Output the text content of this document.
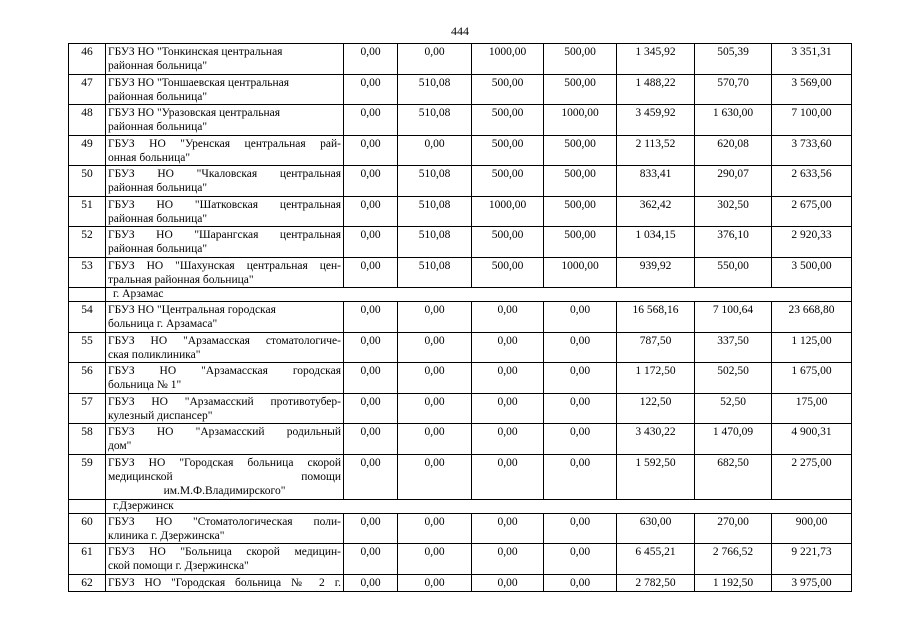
444
46	ГБУЗ НО "Тонкинская центральная
районная больница"	0,00	0,00	1000,00	500,00	1 345,92	505,39	3 351,31
47	ГБУЗ НО "Тоншаевская центральная
районная больница"	0,00	510,08	500,00	500,00	1 488,22	570,70	3 569,00
48	ГБУЗ НО "Уразовская центральная
районная больница"	0,00	510,08	500,00	1000,00	3 459,92	1 630,00	7 100,00
49	ГБУЗ НО "Уренская центральная рай-
онная больница"	0,00	0,00	500,00	500,00	2 113,52	620,08	3 733,60
50	ГБУЗ НО "Чкаловская центральная
районная больница"	0,00	510,08	500,00	500,00	833,41	290,07	2 633,56
51	ГБУЗ НО "Шатковская центральная
районная больница"	0,00	510,08	1000,00	500,00	362,42	302,50	2 675,00
52	ГБУЗ НО "Шарангская центральная
районная больница"	0,00	510,08	500,00	500,00	1 034,15	376,10	2 920,33
53	ГБУЗ НО "Шахунская центральная цен-
тральная районная больница"	0,00	510,08	500,00	1000,00	939,92	550,00	3 500,00
	г. Арзамас							
54	ГБУЗ НО "Центральная городская
больница г. Арзамаса"	0,00	0,00	0,00	0,00	16 568,16	7 100,64	23 668,80
55	ГБУЗ НО "Арзамасская стоматологиче-
ская поликлиника"	0,00	0,00	0,00	0,00	787,50	337,50	1 125,00
56	ГБУЗ НО "Арзамасская городская
больница № 1"	0,00	0,00	0,00	0,00	1 172,50	502,50	1 675,00
57	ГБУЗ НО "Арзамасский противотубер-
кулезный диспансер"	0,00	0,00	0,00	0,00	122,50	52,50	175,00
58	ГБУЗ НО "Арзамасский родильный
дом"	0,00	0,00	0,00	0,00	3 430,22	1 470,09	4 900,31
59	ГБУЗ НО "Городская больница скорой
медицинской помощи
им.М.Ф.Владимирского"	0,00	0,00	0,00	0,00	1 592,50	682,50	2 275,00
	г.Дзержинск							
60	ГБУЗ НО "Стоматологическая поли-
клиника г. Дзержинска"	0,00	0,00	0,00	0,00	630,00	270,00	900,00
61	ГБУЗ НО "Больница скорой медицин-
ской помощи г. Дзержинска"	0,00	0,00	0,00	0,00	6 455,21	2 766,52	9 221,73
62	ГБУЗ НО "Городская больница № 2 г.	0,00	0,00	0,00	0,00	2 782,50	1 192,50	3 975,00
